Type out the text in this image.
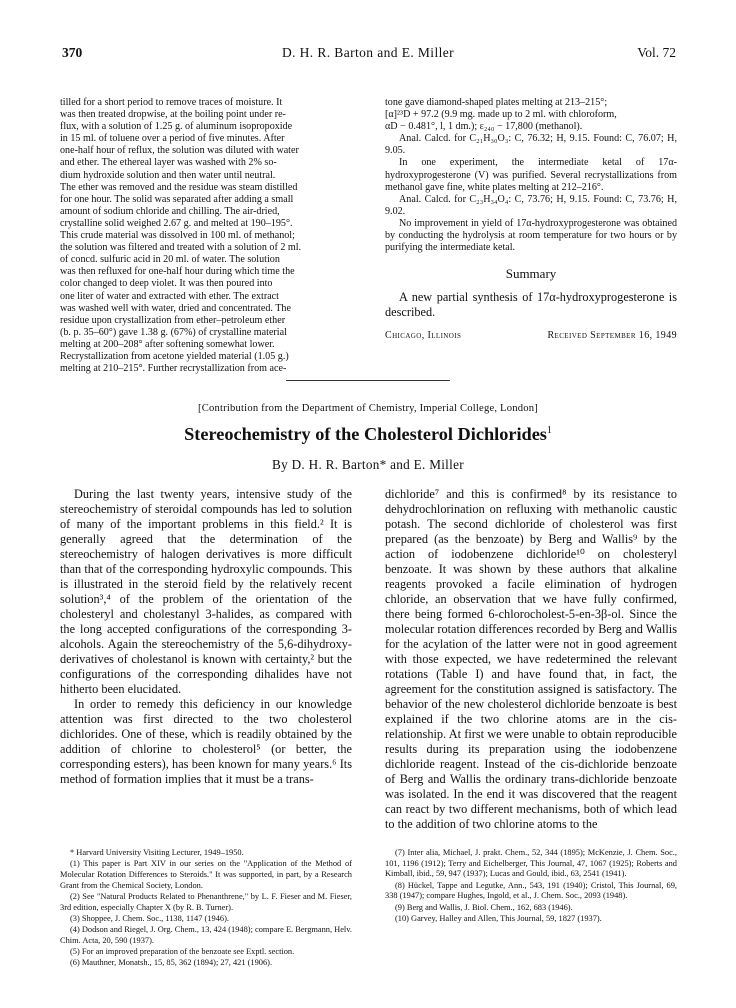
370	D. H. R. Barton and E. Miller	Vol. 72

tilled for a short period to remove traces of moisture. It
was then treated dropwise, at the boiling point under re-
flux, with a solution of 1.25 g. of aluminum isopropoxide
in 15 ml. of toluene over a period of five minutes. After
one-half hour of reflux, the solution was diluted with water
and ether. The ethereal layer was washed with 2% so-
dium hydroxide solution and then water until neutral.
The ether was removed and the residue was steam distilled
for one hour. The solid was separated after adding a small
amount of sodium chloride and chilling. The air-dried,
crystalline solid weighed 2.67 g. and melted at 190–195°.
This crude material was dissolved in 100 ml. of methanol;
the solution was filtered and treated with a solution of 2 ml.
of concd. sulfuric acid in 20 ml. of water. The solution
was then refluxed for one-half hour during which time the
color changed to deep violet. It was then poured into
one liter of water and extracted with ether. The extract
was washed well with water, dried and concentrated. The
residue upon crystallization from ether–petroleum ether
(b. p. 35–60°) gave 1.38 g. (67%) of crystalline material
melting at 200–208° after softening somewhat lower.
Recrystallization from acetone yielded material (1.05 g.)
melting at 210–215°. Further recrystallization from ace-

tone gave diamond-shaped plates melting at 213–215°;
[α]²³D + 97.2 (9.9 mg. made up to 2 ml. with chloroform,
αD − 0.481°, l, 1 dm.); ε₂₄₀ − 17,800 (methanol).

Anal. Calcd. for C₂₁H₃₀O₃: C, 76.32; H, 9.15. Found: C, 76.07; H, 9.05.

In one experiment, the intermediate ketal of 17α-hydroxyprogesterone (V) was purified. Several recrystallizations from methanol gave fine, white plates melting at 212–216°.

Anal. Calcd. for C₂₃H₃₄O₄: C, 73.76; H, 9.15. Found: C, 73.76; H, 9.02.

No improvement in yield of 17α-hydroxyprogesterone was obtained by conducting the hydrolysis at room temperature for two hours or by purifying the intermediate ketal.

Summary

A new partial synthesis of 17α-hydroxyprogesterone is described.

Chicago, Illinois	Received September 16, 1949
[Contribution from the Department of Chemistry, Imperial College, London]
Stereochemistry of the Cholesterol Dichlorides$^1$
By D. H. R. Barton* and E. Miller

During the last twenty years, intensive study of the stereochemistry of steroidal compounds has led to solution of many of the important problems in this field.² It is generally agreed that the determination of the stereochemistry of halogen derivatives is more difficult than that of the corresponding hydroxylic compounds. This is illustrated in the steroid field by the relatively recent solution³,⁴ of the problem of the orientation of the cholesteryl and cholestanyl 3-halides, as compared with the long accepted configurations of the corresponding 3-alcohols. Again the stereochemistry of the 5,6-dihydroxy-derivatives of cholestanol is known with certainty,² but the configurations of the corresponding dihalides have not hitherto been elucidated.

In order to remedy this deficiency in our knowledge attention was first directed to the two cholesterol dichlorides. One of these, which is readily obtained by the addition of chlorine to cholesterol⁵ (or better, the corresponding esters), has been known for many years.⁶ Its method of formation implies that it must be a trans-

dichloride⁷ and this is confirmed⁸ by its resistance to dehydrochlorination on refluxing with methanolic caustic potash. The second dichloride of cholesterol was first prepared (as the benzoate) by Berg and Wallis⁹ by the action of iodobenzene dichloride¹⁰ on cholesteryl benzoate. It was shown by these authors that alkaline reagents provoked a facile elimination of hydrogen chloride, an observation that we have fully confirmed, there being formed 6-chlorocholest-5-en-3β-ol. Since the molecular rotation differences recorded by Berg and Wallis for the acylation of the latter were not in good agreement with those expected, we have redetermined the relevant rotations (Table I) and have found that, in fact, the agreement for the constitution assigned is satisfactory. The behavior of the new cholesterol dichloride benzoate is best explained if the two chlorine atoms are in the cis-relationship. At first we were unable to obtain reproducible results during its preparation using the iodobenzene dichloride reagent. Instead of the cis-dichloride benzoate of Berg and Wallis the ordinary trans-dichloride benzoate was isolated. In the end it was discovered that the reagent can react by two different mechanisms, both of which lead to the addition of two chlorine atoms to the

* Harvard University Visiting Lecturer, 1949–1950.

(1) This paper is Part XIV in our series on the "Application of the Method of Molecular Rotation Differences to Steroids." It was supported, in part, by a Research Grant from the Chemical Society, London.

(2) See "Natural Products Related to Phenanthrene," by L. F. Fieser and M. Fieser, 3rd edition, especially Chapter X (by R. B. Turner).

(3) Shoppee, J. Chem. Soc., 1138, 1147 (1946).

(4) Dodson and Riegel, J. Org. Chem., 13, 424 (1948); compare E. Bergmann, Helv. Chim. Acta, 20, 590 (1937).

(5) For an improved preparation of the benzoate see Exptl. section.

(6) Mauthner, Monatsh., 15, 85, 362 (1894); 27, 421 (1906).

(7) Inter alia, Michael, J. prakt. Chem., 52, 344 (1895); McKenzie, J. Chem. Soc., 101, 1196 (1912); Terry and Eichelberger, This Journal, 47, 1067 (1925); Roberts and Kimball, ibid., 59, 947 (1937); Lucas and Gould, ibid., 63, 2541 (1941).

(8) Hückel, Tappe and Legutke, Ann., 543, 191 (1940); Cristol, This Journal, 69, 338 (1947); compare Hughes, Ingold, et al., J. Chem. Soc., 2093 (1948).

(9) Berg and Wallis, J. Biol. Chem., 162, 683 (1946).

(10) Garvey, Halley and Allen, This Journal, 59, 1827 (1937).
